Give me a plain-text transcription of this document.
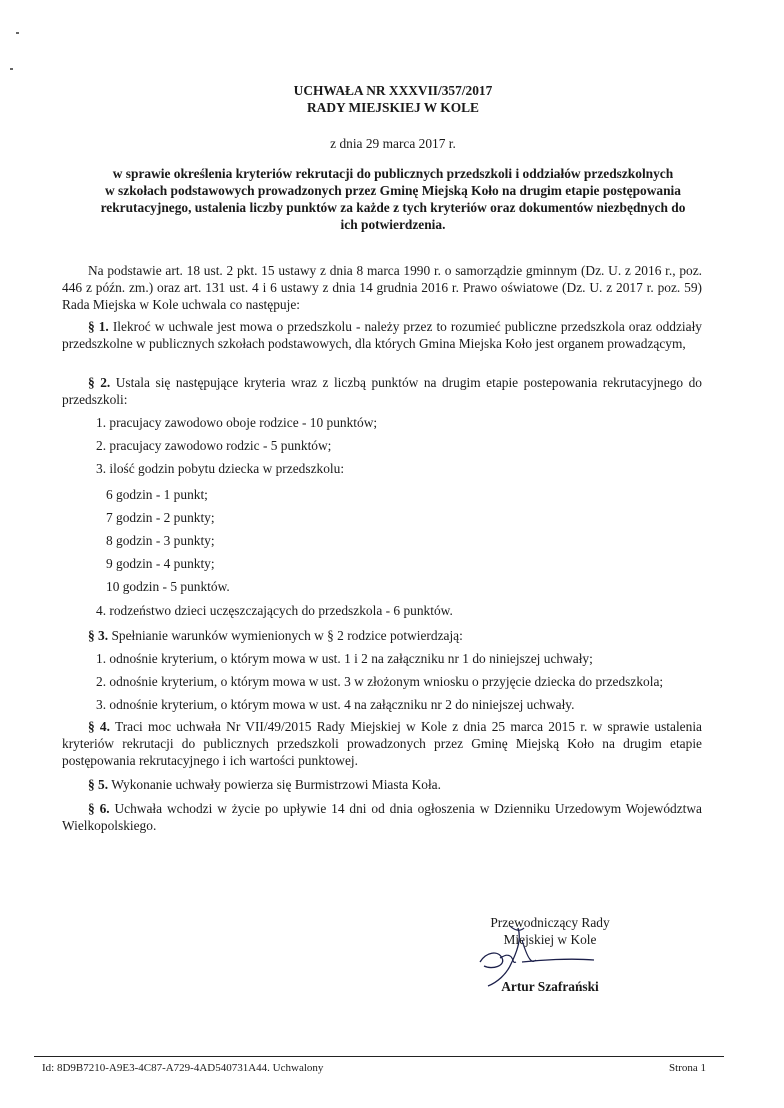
UCHWAŁA NR XXXVII/357/2017
RADY MIEJSKIEJ W KOLE
z dnia 29 marca 2017 r.
w sprawie określenia kryteriów rekrutacji do publicznych przedszkoli i oddziałów przedszkolnych
w szkołach podstawowych prowadzonych przez Gminę Miejską Koło na drugim etapie postępowania
rekrutacyjnego, ustalenia liczby punktów za każde z tych kryteriów oraz dokumentów niezbędnych do
ich potwierdzenia.

Na podstawie art. 18 ust. 2 pkt. 15 ustawy z dnia 8 marca 1990 r. o samorządzie gminnym (Dz. U. z 2016 r., poz. 446 z późn. zm.) oraz art. 131 ust. 4 i 6 ustawy z dnia 14 grudnia 2016 r. Prawo oświatowe (Dz. U. z 2017 r. poz. 59) Rada Miejska w Kole uchwala co następuje:

§ 1. Ilekroć w uchwale jest mowa o przedszkolu - należy przez to rozumieć publiczne przedszkola oraz oddziały przedszkolne w publicznych szkołach podstawowych, dla których Gmina Miejska Koło jest organem prowadzącym,

§ 2. Ustala się następujące kryteria wraz z liczbą punktów na drugim etapie postepowania rekrutacyjnego do przedszkoli:

1. pracujacy zawodowo oboje rodzice - 10 punktów;
2. pracujacy zawodowo rodzic - 5 punktów;
3. ilość godzin pobytu dziecka w przedszkolu:
6 godzin - 1 punkt;
7 godzin - 2 punkty;
8 godzin - 3 punkty;
9 godzin - 4 punkty;
10 godzin - 5 punktów.
4. rodzeństwo dzieci uczęszczających do przedszkola - 6 punktów.
§ 3. Spełnianie warunków wymienionych w § 2 rodzice potwierdzają:
1. odnośnie kryterium, o którym mowa w ust. 1 i 2 na załączniku nr 1 do niniejszej uchwały;
2. odnośnie kryterium, o którym mowa w ust. 3 w złożonym wniosku o przyjęcie dziecka do przedszkola;
3. odnośnie kryterium, o którym mowa w ust. 4 na załączniku nr 2 do niniejszej uchwały.

§ 4. Traci moc uchwała Nr VII/49/2015 Rady Miejskiej w Kole z dnia 25 marca 2015 r. w sprawie ustalenia kryteriów rekrutacji do publicznych przedszkoli prowadzonych przez Gminę Miejską Koło na drugim etapie postępowania rekrutacyjnego i ich wartości punktowej.

§ 5. Wykonanie uchwały powierza się Burmistrzowi Miasta Koła.

§ 6. Uchwała wchodzi w życie po upływie 14 dni od dnia ogłoszenia w Dzienniku Urzedowym Województwa Wielkopolskiego.

Przewodniczący Rady
Miejskiej w Kole
Artur Szafrański
Id: 8D9B7210-A9E3-4C87-A729-4AD540731A44. Uchwalony	Strona 1
